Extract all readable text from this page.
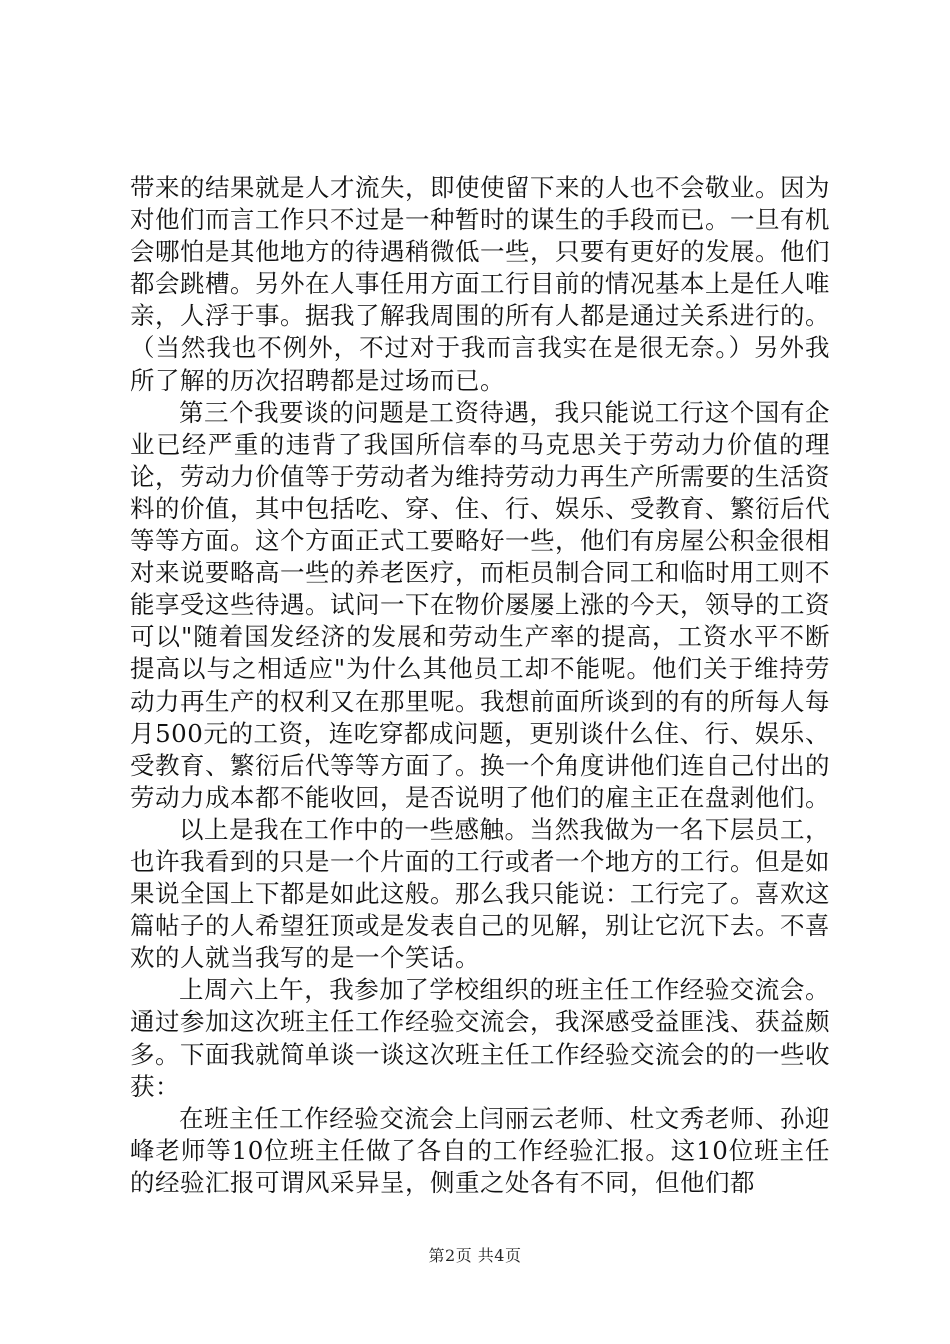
带来的结果就是人才流失，即使使留下来的人也不会敬业。因为对他们而言工作只不过是一种暂时的谋生的手段而已。一旦有机会哪怕是其他地方的待遇稍微低一些，只要有更好的发展。他们都会跳槽。另外在人事任用方面工行目前的情况基本上是任人唯亲，人浮于事。据我了解我周围的所有人都是通过关系进行的。（当然我也不例外，不过对于我而言我实在是很无奈。）另外我所了解的历次招聘都是过场而已。

第三个我要谈的问题是工资待遇，我只能说工行这个国有企业已经严重的违背了我国所信奉的马克思关于劳动力价值的理论，劳动力价值等于劳动者为维持劳动力再生产所需要的生活资料的价值，其中包括吃、穿、住、行、娱乐、受教育、繁衍后代等等方面。这个方面正式工要略好一些，他们有房屋公积金很相对来说要略高一些的养老医疗，而柜员制合同工和临时用工则不能享受这些待遇。试问一下在物价屡屡上涨的今天，领导的工资可以"随着国发经济的发展和劳动生产率的提高，工资水平不断提高以与之相适应"为什么其他员工却不能呢。他们关于维持劳动力再生产的权利又在那里呢。我想前面所谈到的有的所每人每月500元的工资，连吃穿都成问题，更别谈什么住、行、娱乐、受教育、繁衍后代等等方面了。换一个角度讲他们连自己付出的劳动力成本都不能收回，是否说明了他们的雇主正在盘剥他们。

以上是我在工作中的一些感触。当然我做为一名下层员工，也许我看到的只是一个片面的工行或者一个地方的工行。但是如果说全国上下都是如此这般。那么我只能说：工行完了。喜欢这篇帖子的人希望狂顶或是发表自己的见解，别让它沉下去。不喜欢的人就当我写的是一个笑话。

上周六上午，我参加了学校组织的班主任工作经验交流会。通过参加这次班主任工作经验交流会，我深感受益匪浅、获益颇多。下面我就简单谈一谈这次班主任工作经验交流会的的一些收获：

在班主任工作经验交流会上闫丽云老师、杜文秀老师、孙迎峰老师等10位班主任做了各自的工作经验汇报。这10位班主任的经验汇报可谓风采异呈，侧重之处各有不同，但他们都

第2页 共4页
